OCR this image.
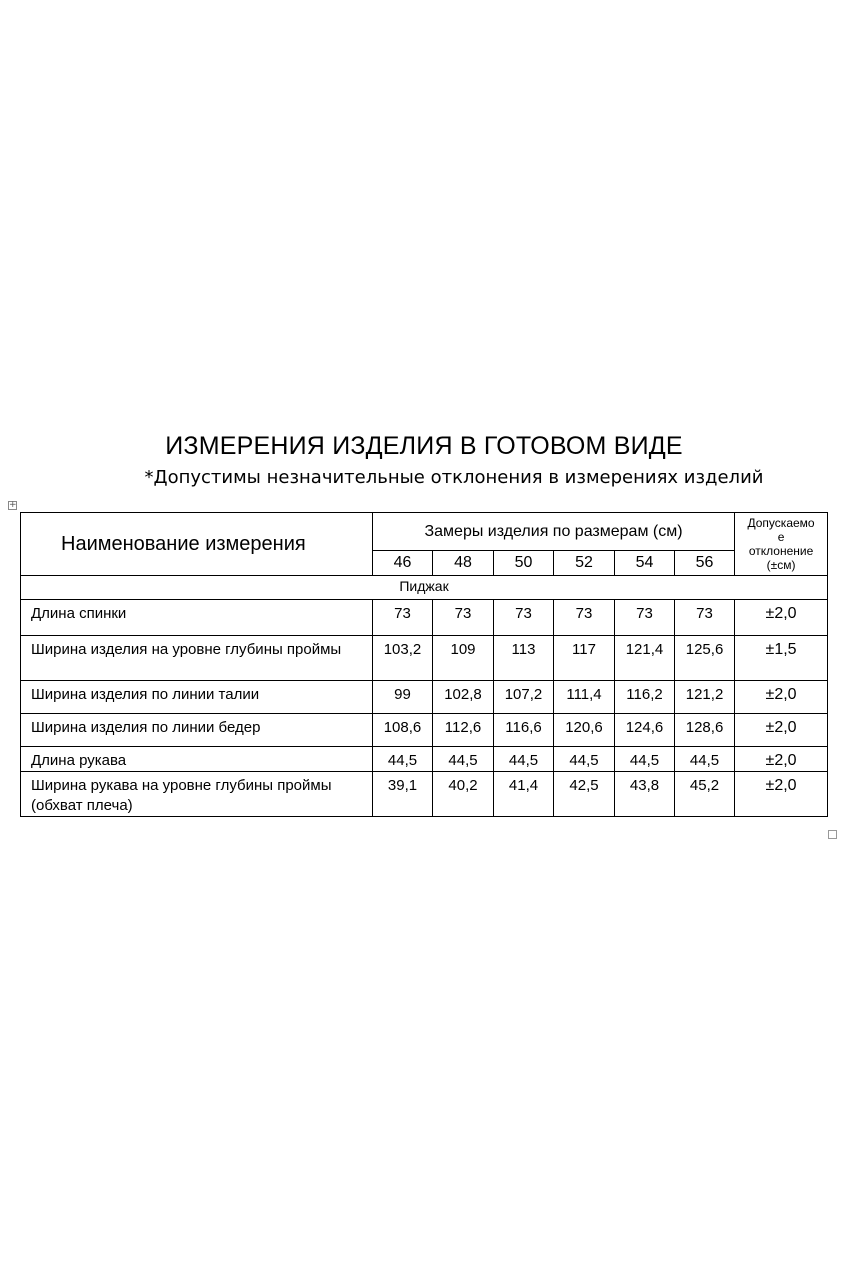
ИЗМЕРЕНИЯ ИЗДЕЛИЯ В ГОТОВОМ ВИДЕ
*Допустимы незначительные отклонения в измерениях изделий
+
Наименование измерения	Замеры изделия по размерам (см)						Допускаемо е отклонение (±см)
	46	48	50	52	54	56	
Пиджак							
Длина спинки	73	73	73	73	73	73	±2,0
Ширина изделия на уровне глубины проймы	103,2	109	113	117	121,4	125,6	±1,5
Ширина изделия по линии талии	99	102,8	107,2	111,4	116,2	121,2	±2,0
Ширина изделия по линии бедер	108,6	112,6	116,6	120,6	124,6	128,6	±2,0
Длина рукава	44,5	44,5	44,5	44,5	44,5	44,5	±2,0
Ширина рукава на уровне глубины проймы (обхват плеча)	39,1	40,2	41,4	42,5	43,8	45,2	±2,0
